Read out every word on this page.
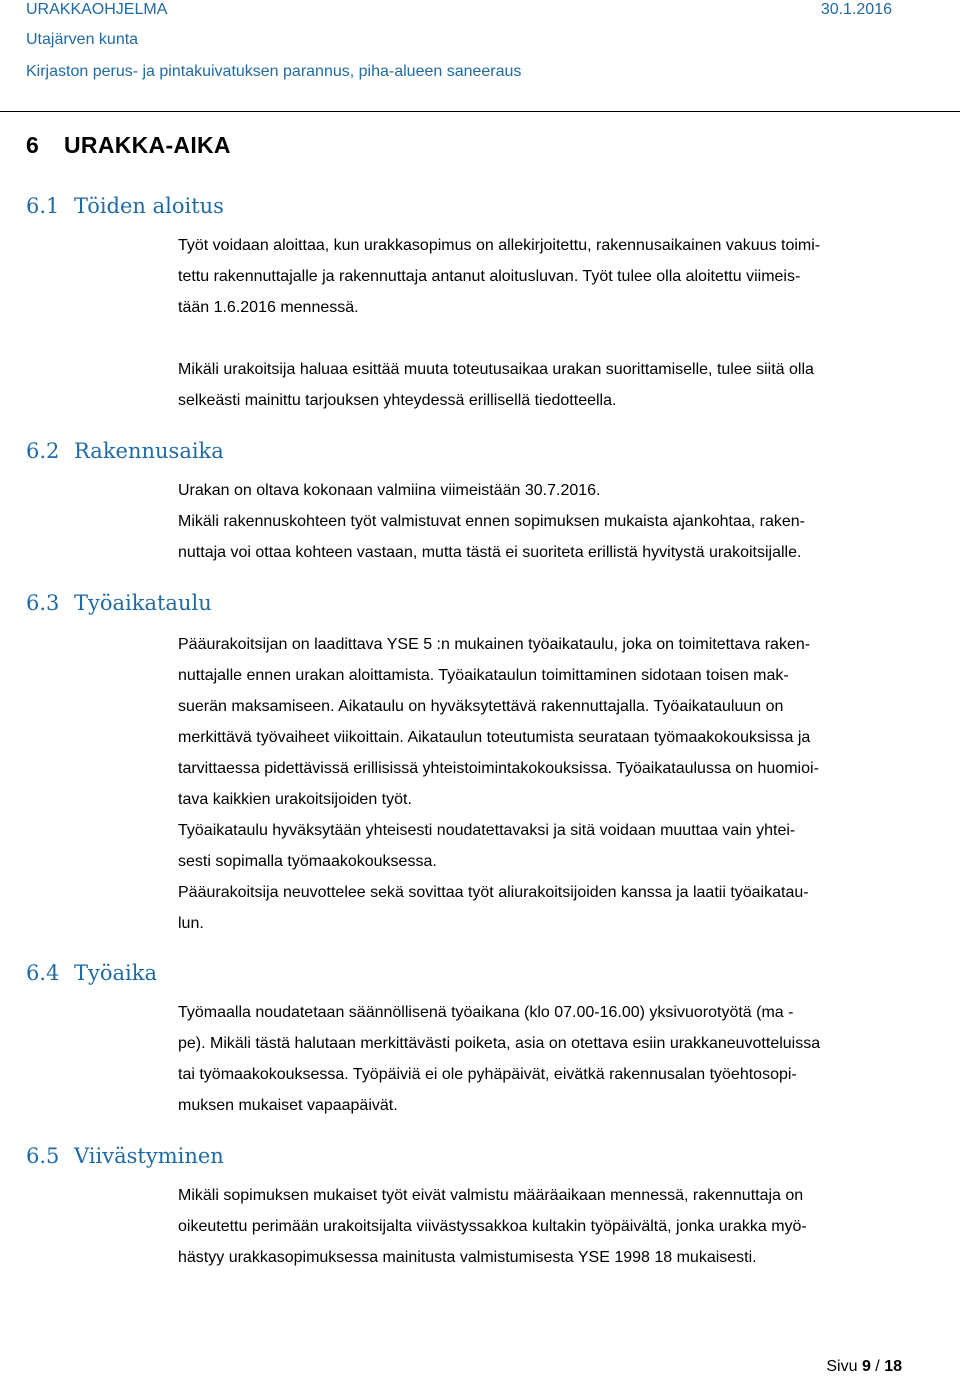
URAKKAOHJELMA	30.1.2016
Utajärven kunta
Kirjaston perus- ja pintakuivatuksen parannus, piha-alueen saneeraus
6 URAKKA-AIKA
6.1 Töiden aloitus
6.2 Rakennusaika
6.3 Työaikataulu
6.4 Työaika
6.5 Viivästyminen
Työt voidaan aloittaa, kun urakkasopimus on allekirjoitettu, rakennusaikainen vakuus toimi-
tettu rakennuttajalle ja rakennuttaja antanut aloitusluvan. Työt tulee olla aloitettu viimeis-
tään 1.6.2016 mennessä.
Mikäli urakoitsija haluaa esittää muuta toteutusaikaa urakan suorittamiselle, tulee siitä olla
selkeästi mainittu tarjouksen yhteydessä erillisellä tiedotteella.
Urakan on oltava kokonaan valmiina viimeistään 30.7.2016.
Mikäli rakennuskohteen työt valmistuvat ennen sopimuksen mukaista ajankohtaa, raken-
nuttaja voi ottaa kohteen vastaan, mutta tästä ei suoriteta erillistä hyvitystä urakoitsijalle.
Pääurakoitsijan on laadittava YSE 5 :n mukainen työaikataulu, joka on toimitettava raken-
nuttajalle ennen urakan aloittamista. Työaikataulun toimittaminen sidotaan toisen mak-
suerän maksamiseen. Aikataulu on hyväksytettävä rakennuttajalla. Työaikatauluun on
merkittävä työvaiheet viikoittain. Aikataulun toteutumista seurataan työmaakokouksissa ja
tarvittaessa pidettävissä erillisissä yhteistoimintakokouksissa. Työaikataulussa on huomioi-
tava kaikkien urakoitsijoiden työt.
Työaikataulu hyväksytään yhteisesti noudatettavaksi ja sitä voidaan muuttaa vain yhtei-
sesti sopimalla työmaakokouksessa.
Pääurakoitsija neuvottelee sekä sovittaa työt aliurakoitsijoiden kanssa ja laatii työaikatau-
lun.
Työmaalla noudatetaan säännöllisenä työaikana (klo 07.00-16.00) yksivuorotyötä (ma -
pe). Mikäli tästä halutaan merkittävästi poiketa, asia on otettava esiin urakkaneuvotteluissa
tai työmaakokouksessa. Työpäiviä ei ole pyhäpäivät, eivätkä rakennusalan työehtosopi-
muksen mukaiset vapaapäivät.
Mikäli sopimuksen mukaiset työt eivät valmistu määräaikaan mennessä, rakennuttaja on
oikeutettu perimään urakoitsijalta viivästyssakkoa kultakin työpäivältä, jonka urakka myö-
hästyy urakkasopimuksessa mainitusta valmistumisesta YSE 1998 18 mukaisesti.
Sivu 9 / 18
